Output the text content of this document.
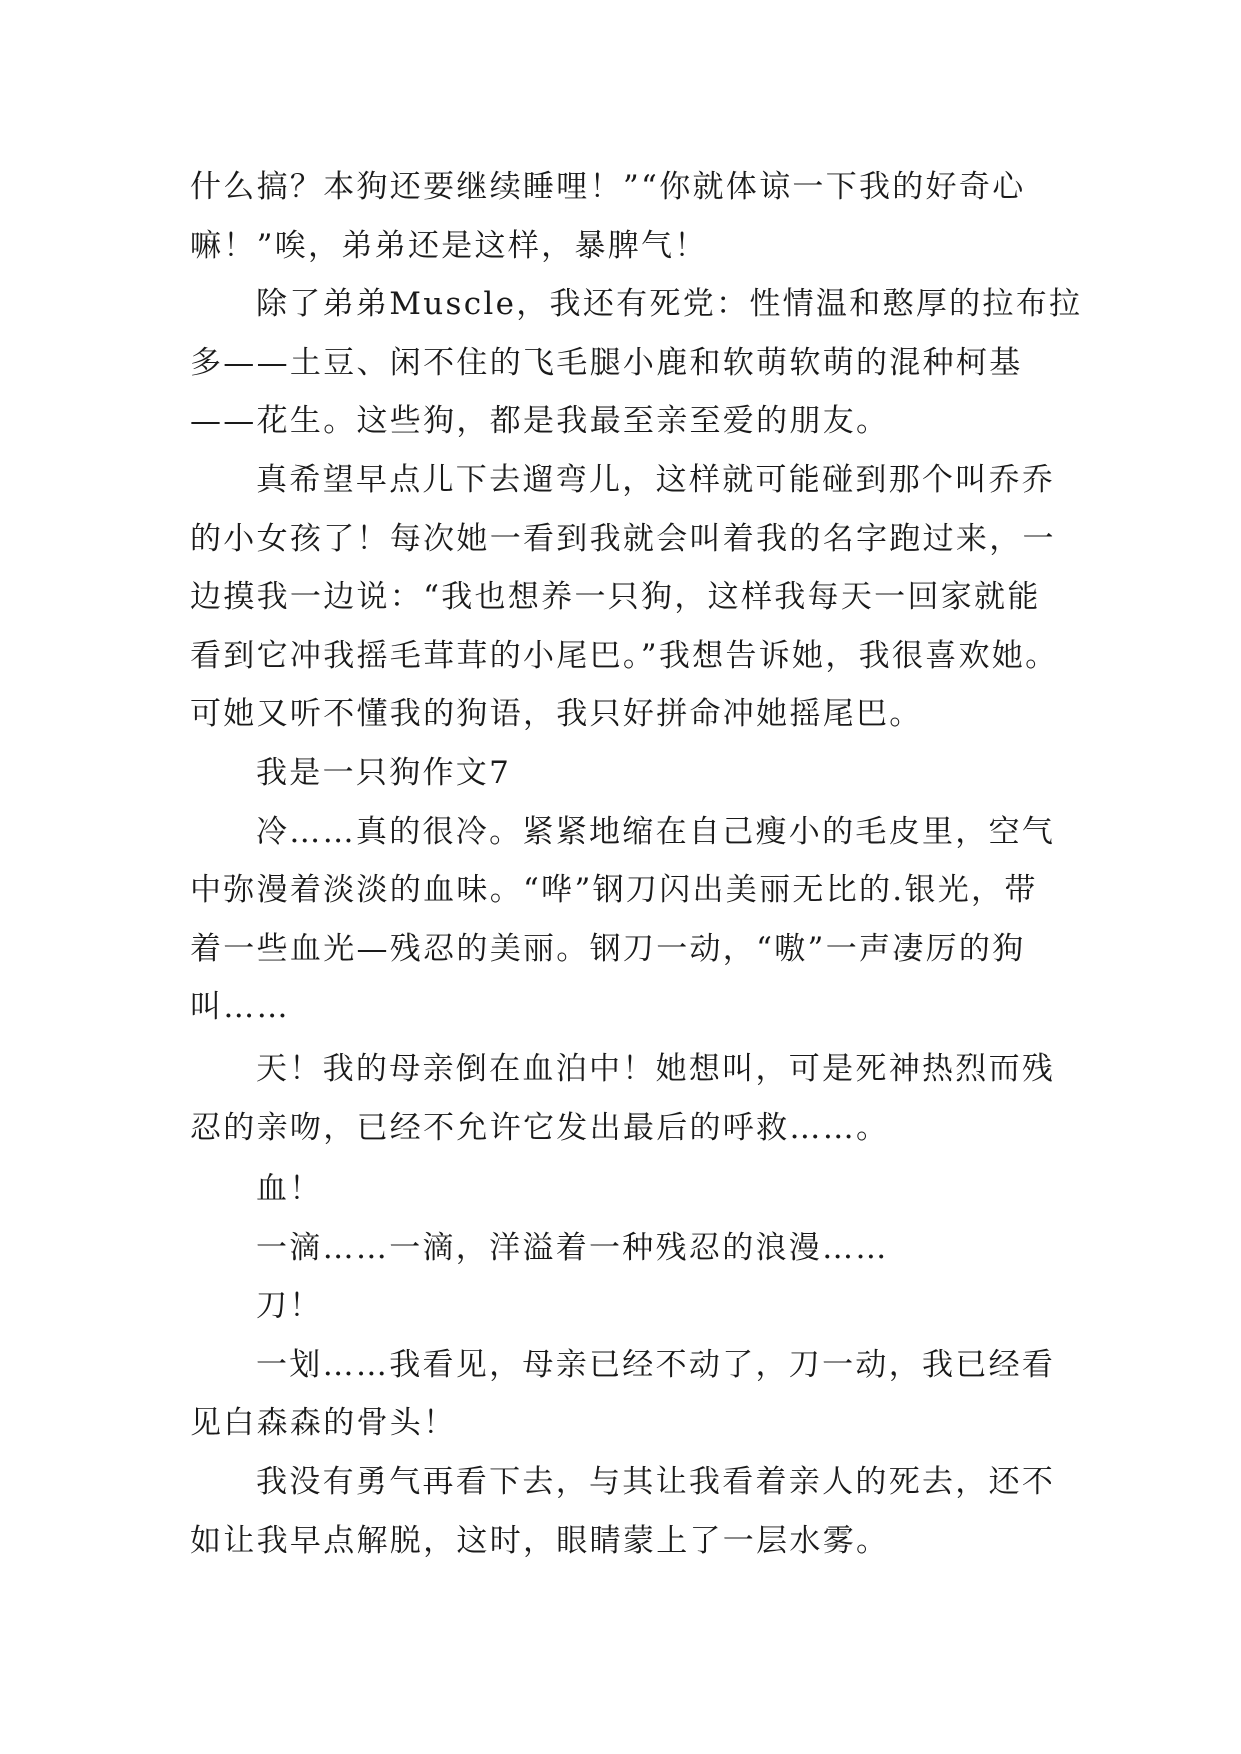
什么搞？本狗还要继续睡哩！”“你就体谅一下我的好奇心
嘛！”唉，弟弟还是这样，暴脾气！
除了弟弟Muscle，我还有死党：性情温和憨厚的拉布拉
多——土豆、闲不住的飞毛腿小鹿和软萌软萌的混种柯基
——花生。这些狗，都是我最至亲至爱的朋友。
真希望早点儿下去遛弯儿，这样就可能碰到那个叫乔乔
的小女孩了！每次她一看到我就会叫着我的名字跑过来，一
边摸我一边说：“我也想养一只狗，这样我每天一回家就能
看到它冲我摇毛茸茸的小尾巴。”我想告诉她，我很喜欢她。
可她又听不懂我的狗语，我只好拼命冲她摇尾巴。
我是一只狗作文7
冷……真的很冷。紧紧地缩在自己瘦小的毛皮里，空气
中弥漫着淡淡的血味。“哗”钢刀闪出美丽无比的.银光，带
着一些血光—残忍的美丽。钢刀一动，“嗷”一声凄厉的狗
叫……
天！我的母亲倒在血泊中！她想叫，可是死神热烈而残
忍的亲吻，已经不允许它发出最后的呼救……。
血！
一滴……一滴，洋溢着一种残忍的浪漫……
刀！
一划……我看见，母亲已经不动了，刀一动，我已经看
见白森森的骨头！
我没有勇气再看下去，与其让我看着亲人的死去，还不
如让我早点解脱，这时，眼睛蒙上了一层水雾。
